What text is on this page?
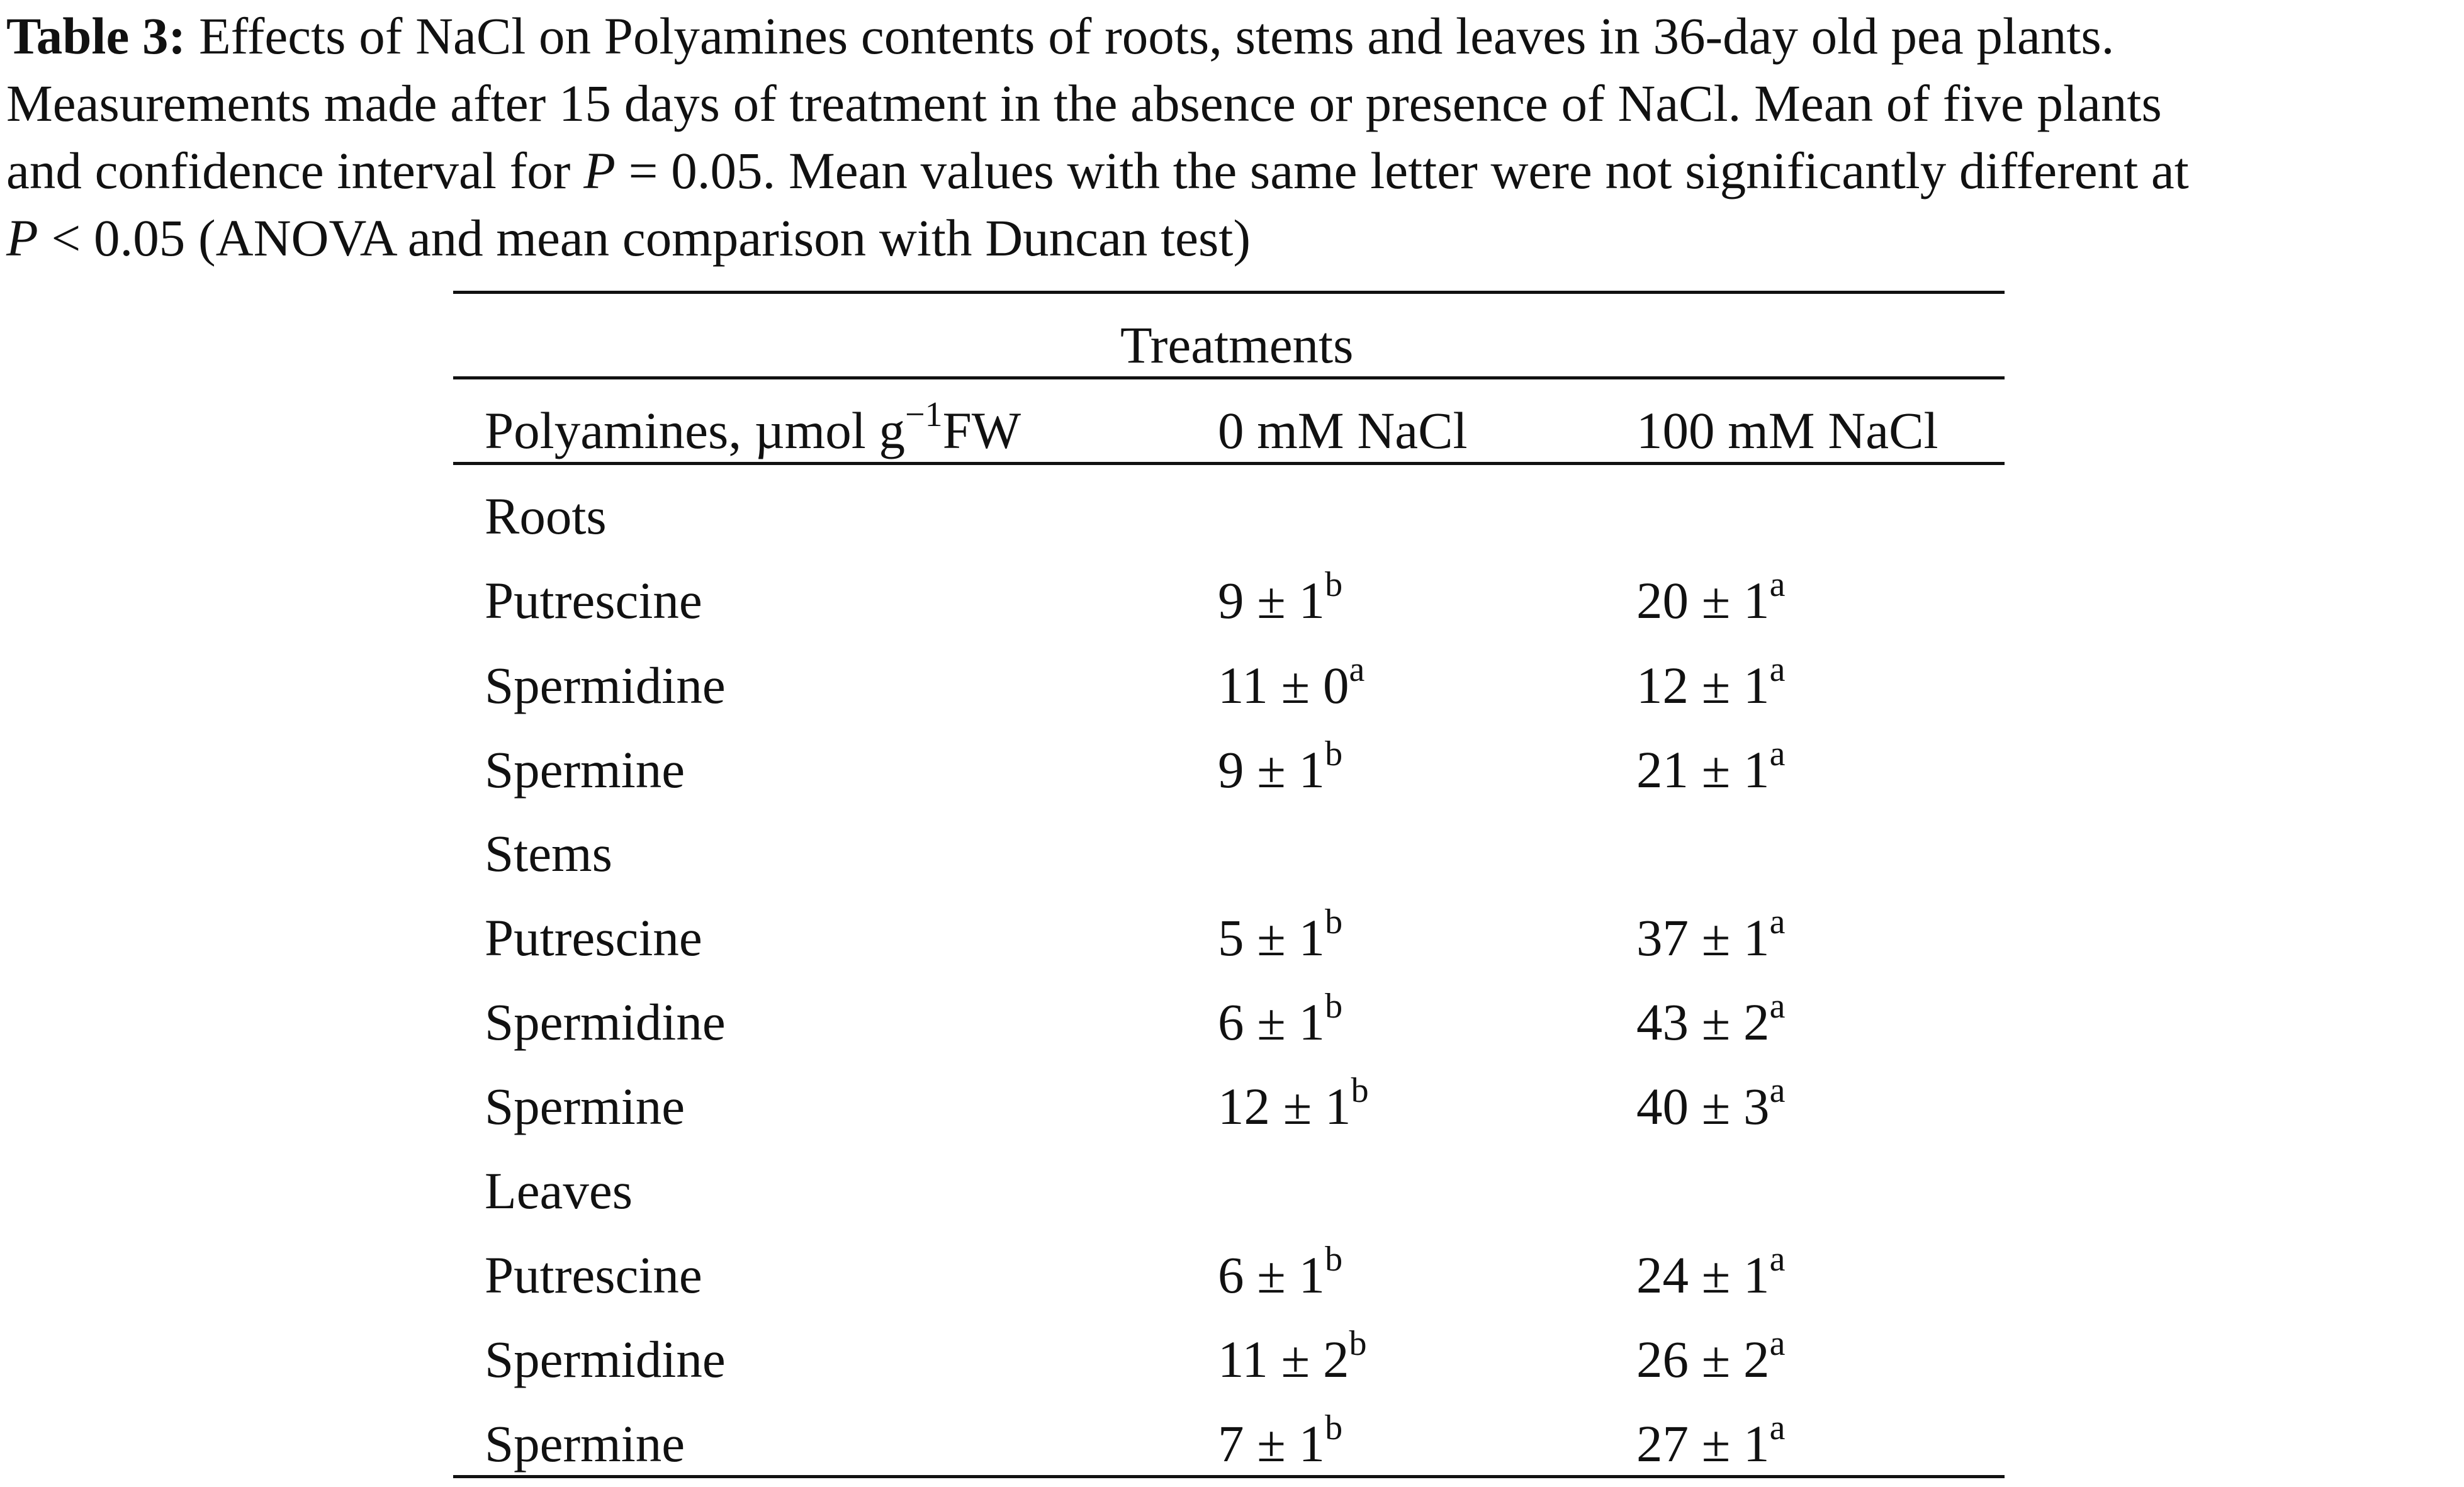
Table 3: Effects of NaCl on Polyamines contents of roots, stems and leaves in 36-day old pea plants.
Measurements made after 15 days of treatment in the absence or presence of NaCl. Mean of five plants
and confidence interval for P = 0.05. Mean values with the same letter were not significantly different at
P < 0.05 (ANOVA and mean comparison with Duncan test)
Treatments
Polyamines, µmol $g^{-1}FW$	0 mM NaCl	100 mM NaCl
Roots
Putrescine	$9 \pm 1^b$	$20 \pm 1^a$
Spermidine	$11 \pm 0^a$	$12 \pm 1^a$
Spermine	$9 \pm 1^b$	$21 \pm 1^a$
Stems
Putrescine	$5 \pm 1^b$	$37 \pm 1^a$
Spermidine	$6 \pm 1^b$	$43 \pm 2^a$
Spermine	$12 \pm 1^b$	$40 \pm 3^a$
Leaves
Putrescine	$6 \pm 1^b$	$24 \pm 1^a$
Spermidine	$11 \pm 2^b$	$26 \pm 2^a$
Spermine	$7 \pm 1^b$	$27 \pm 1^a$
